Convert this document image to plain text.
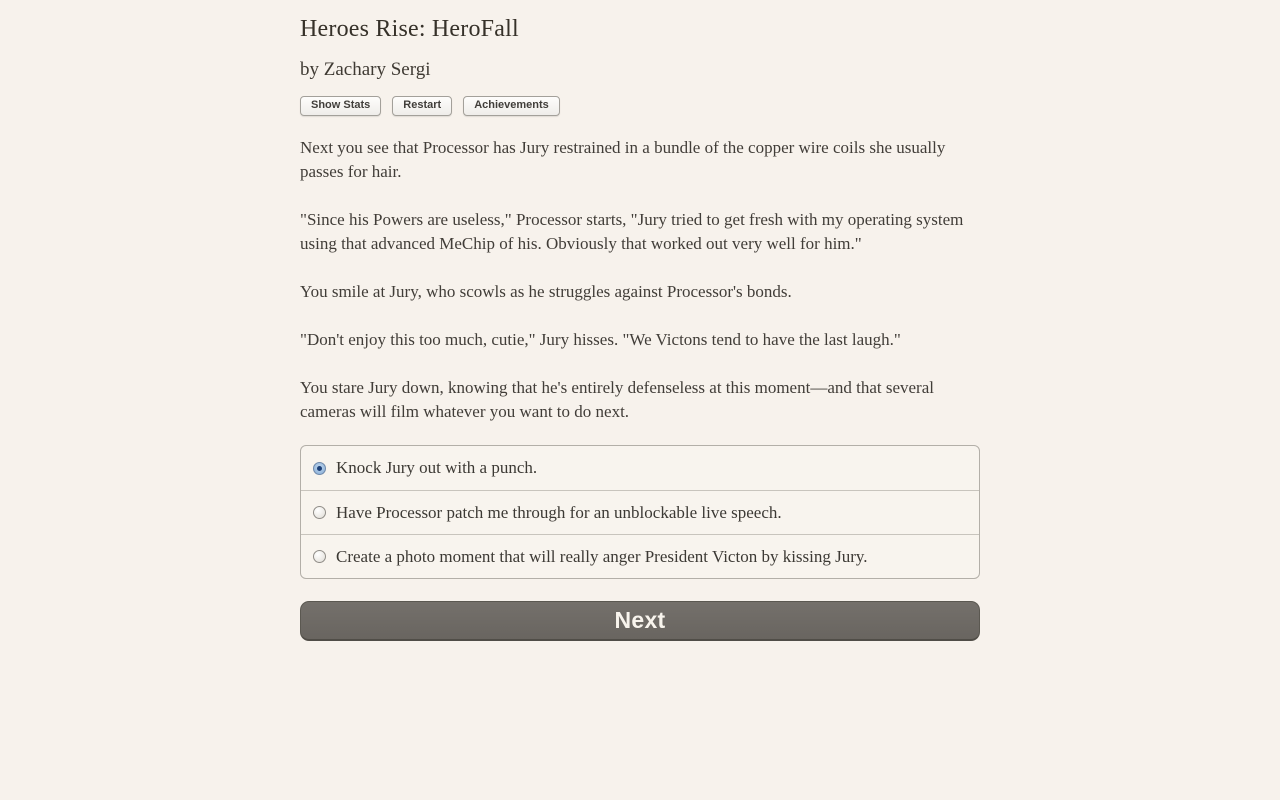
Heroes Rise: HeroFall
by Zachary Sergi
Show Stats	Restart	Achievements

Next you see that Processor has Jury restrained in a bundle of the copper wire coils she usually passes for hair.

"Since his Powers are useless," Processor starts, "Jury tried to get fresh with my operating system using that advanced MeChip of his. Obviously that worked out very well for him."

You smile at Jury, who scowls as he struggles against Processor's bonds.

"Don't enjoy this too much, cutie," Jury hisses. "We Victons tend to have the last laugh."

You stare Jury down, knowing that he's entirely defenseless at this moment—and that several cameras will film whatever you want to do next.

Knock Jury out with a punch.
Have Processor patch me through for an unblockable live speech.
Create a photo moment that will really anger President Victon by kissing Jury.
Next
